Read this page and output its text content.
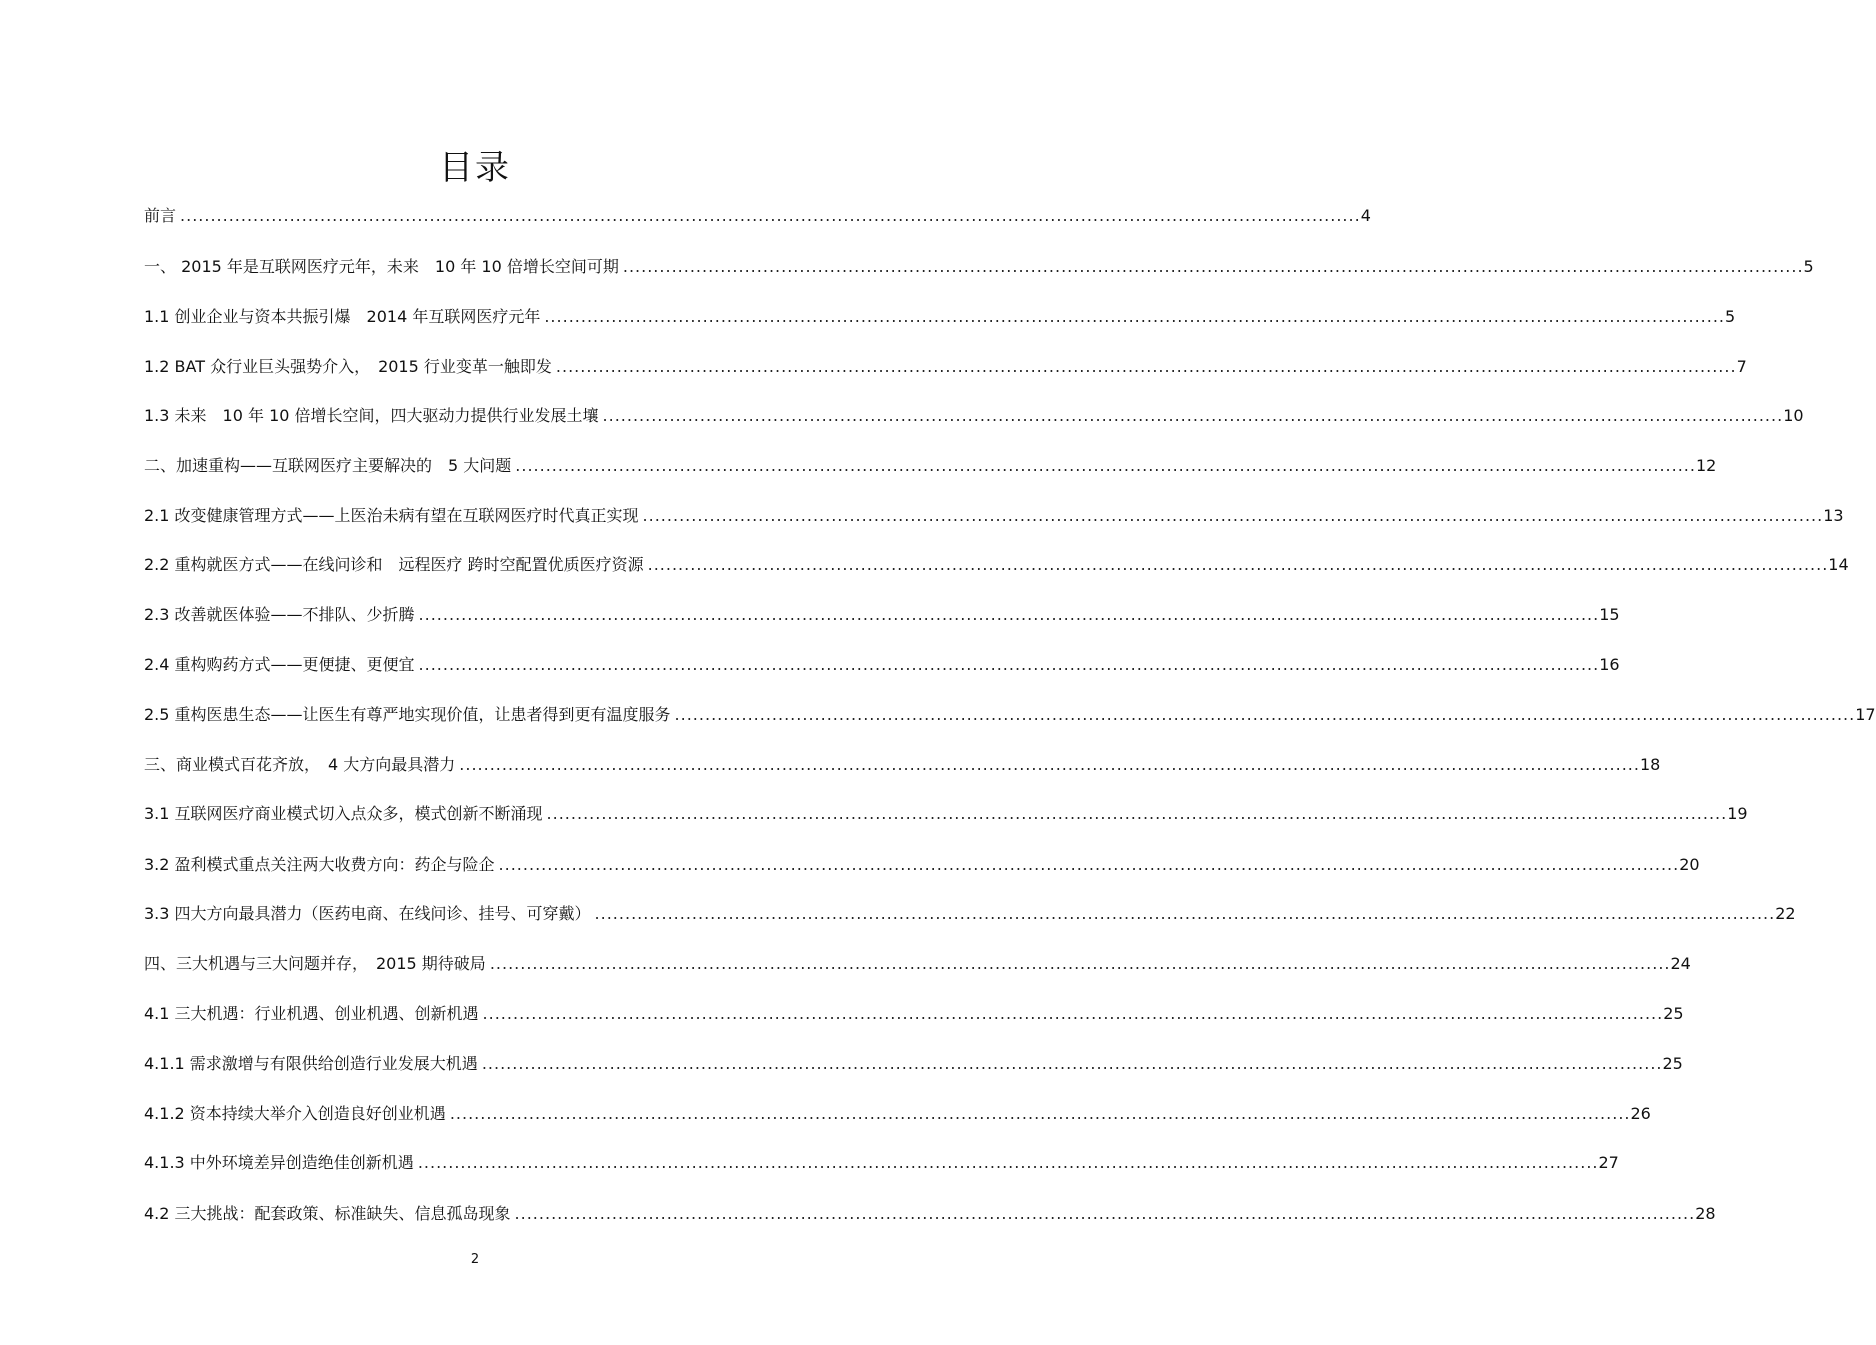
目录
前言 .................................................................................................................................................................................................. 4
一、 2015 年是互联网医疗元年，未来　10 年 10 倍增长空间可期 .................................................................................................................................................................................................. 5
1.1 创业企业与资本共振引爆　2014 年互联网医疗元年 .................................................................................................................................................................................................. 5
1.2 BAT 众行业巨头强势介入，　2015 行业变革一触即发 .................................................................................................................................................................................................. 7
1.3 未来　10 年 10 倍增长空间，四大驱动力提供行业发展土壤 .................................................................................................................................................................................................. 10
二、加速重构——互联网医疗主要解决的　5 大问题 .................................................................................................................................................................................................. 12
2.1 改变健康管理方式——上医治未病有望在互联网医疗时代真正实现 .................................................................................................................................................................................................. 13
2.2 重构就医方式——在线问诊和　远程医疗 跨时空配置优质医疗资源 .................................................................................................................................................................................................. 14
2.3 改善就医体验——不排队、少折腾 .................................................................................................................................................................................................. 15
2.4 重构购药方式——更便捷、更便宜 .................................................................................................................................................................................................. 16
2.5 重构医患生态——让医生有尊严地实现价值，让患者得到更有温度服务 .................................................................................................................................................................................................. 17
三、商业模式百花齐放，　4 大方向最具潜力 .................................................................................................................................................................................................. 18
3.1 互联网医疗商业模式切入点众多，模式创新不断涌现 .................................................................................................................................................................................................. 19
3.2 盈利模式重点关注两大收费方向：药企与险企 .................................................................................................................................................................................................. 20
3.3 四大方向最具潜力（医药电商、在线问诊、挂号、可穿戴） .................................................................................................................................................................................................. 22
四、三大机遇与三大问题并存，　2015 期待破局 .................................................................................................................................................................................................. 24
4.1 三大机遇：行业机遇、创业机遇、创新机遇 .................................................................................................................................................................................................. 25
4.1.1 需求激增与有限供给创造行业发展大机遇 .................................................................................................................................................................................................. 25
4.1.2 资本持续大举介入创造良好创业机遇 .................................................................................................................................................................................................. 26
4.1.3 中外环境差异创造绝佳创新机遇 .................................................................................................................................................................................................. 27
4.2 三大挑战：配套政策、标准缺失、信息孤岛现象 .................................................................................................................................................................................................. 28
2
